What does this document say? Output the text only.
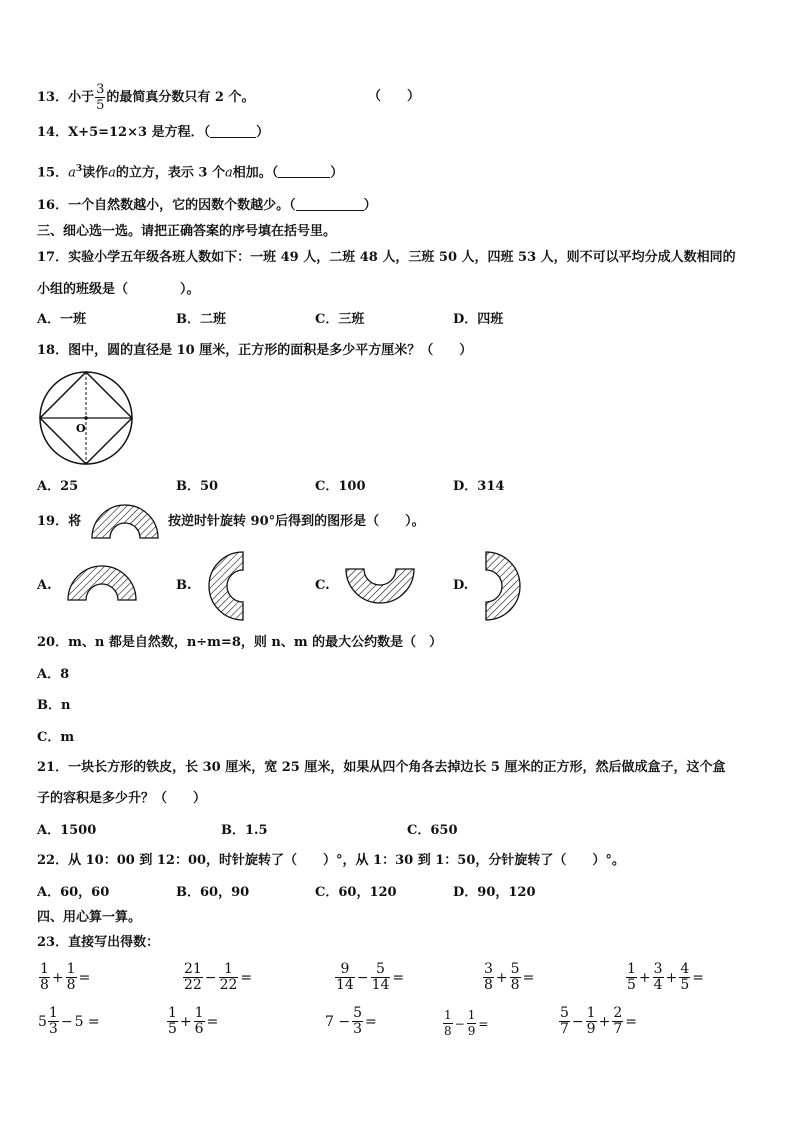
13．小于 $\frac{3}{5}$ 的最简真分数只有 2 个。	（　　）
14．X+5=12×3 是方程．（	）
15．$a^3$读作a的立方，表示 3 个a相加。（	）
16．一个自然数越小，它的因数个数越少。（	）
三、细心选一选。请把正确答案的序号填在括号里。
17．实验小学五年级各班人数如下：一班 49 人，二班 48 人，三班 50 人，四班 53 人，则不可以平均分成人数相同的
小组的班级是（　　　　）。
A．一班	B．二班	C．三班	D．四班
18．图中，圆的直径是 10 厘米，正方形的面积是多少平方厘米？（　　）
O
A．25	B．50	C．100	D．314
19．将	按逆时针旋转 90°后得到的图形是（　　）。
A.	B.	C.	D.
20．m、n 都是自然数，n÷m=8，则 n、m 的最大公约数是（　）
A．8
B．n
C．m
21．一块长方形的铁皮，长 30 厘米，宽 25 厘米，如果从四个角各去掉边长 5 厘米的正方形，然后做成盒子，这个盒
子的容积是多少升？（　　）
A．1500	B．1.5	C．650
22．从 10：00 到 12：00，时针旋转了（　　）°，从 1：30 到 1：50，分针旋转了（　　）°。
A．60，60	B．60，90	C．60，120	D．90，120
四、用心算一算。
23．直接写出得数：
$\frac{1}{8} + \frac{1}{8}$ =	$\frac{21}{22} - \frac{1}{22}$ =	$\frac{9}{14} - \frac{5}{14}$ =	$\frac{3}{8} + \frac{5}{8}$ =	$\frac{1}{5} + \frac{3}{4} + \frac{4}{5}$ =
$5 \frac{1}{3} - 5$ =	$\frac{1}{5} + \frac{1}{6}$ =	$7 - \frac{5}{3}$ =	$\frac{1}{8} - \frac{1}{9}$ =	$\frac{5}{7} - \frac{1}{9} + \frac{2}{7}$ =
